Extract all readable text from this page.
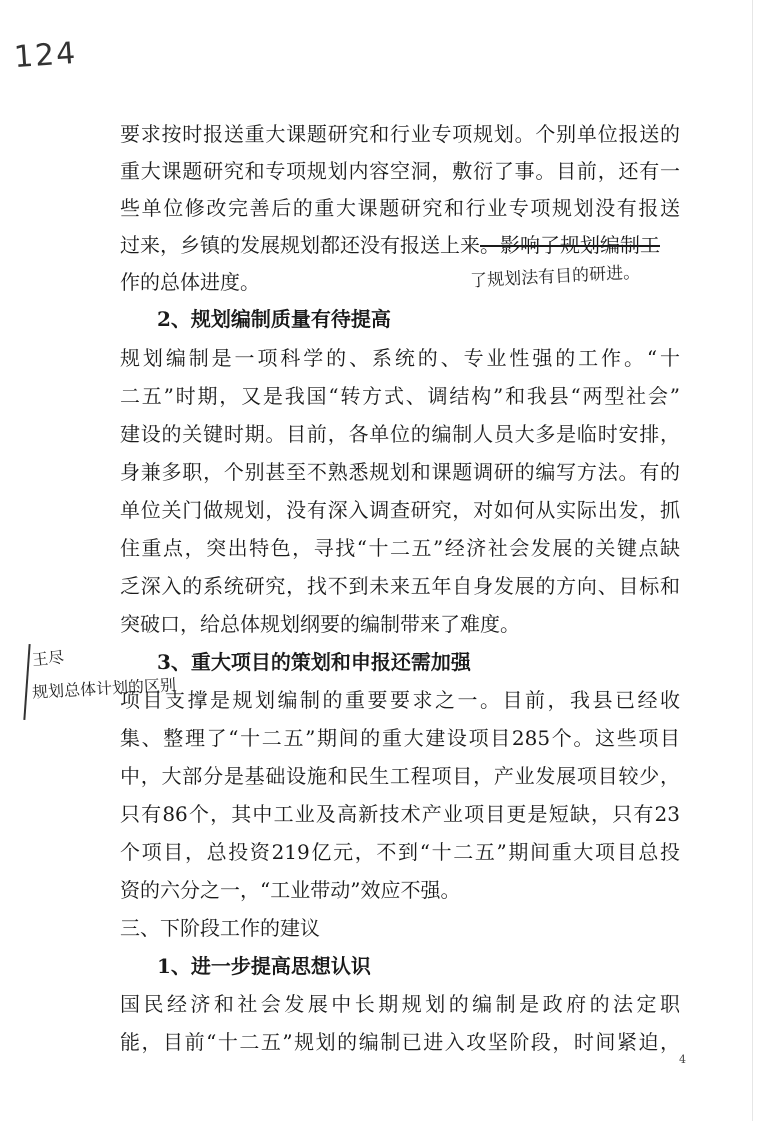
124
要求按时报送重大课题研究和行业专项规划。个别单位报送的
重大课题研究和专项规划内容空洞，敷衍了事。目前，还有一
些单位修改完善后的重大课题研究和行业专项规划没有报送
过来，乡镇的发展规划都还没有报送上来。影响了规划编制工
作的总体进度。	了规划法有目的研进。
2、规划编制质量有待提高
规划编制是一项科学的、系统的、专业性强的工作。“十
二五”时期，又是我国“转方式、调结构”和我县“两型社会”
建设的关键时期。目前，各单位的编制人员大多是临时安排，
身兼多职，个别甚至不熟悉规划和课题调研的编写方法。有的
单位关门做规划，没有深入调查研究，对如何从实际出发，抓
住重点，突出特色，寻找“十二五”经济社会发展的关键点缺
乏深入的系统研究，找不到未来五年自身发展的方向、目标和
突破口，给总体规划纲要的编制带来了难度。
3、重大项目的策划和申报还需加强
王尽
规划总体计划的区别
项目支撑是规划编制的重要要求之一。目前，我县已经收
集、整理了“十二五”期间的重大建设项目285个。这些项目
中，大部分是基础设施和民生工程项目，产业发展项目较少，
只有86个，其中工业及高新技术产业项目更是短缺，只有23
个项目，总投资219亿元，不到“十二五”期间重大项目总投
资的六分之一，“工业带动”效应不强。
三、下阶段工作的建议
1、进一步提高思想认识
国民经济和社会发展中长期规划的编制是政府的法定职
能，目前“十二五”规划的编制已进入攻坚阶段，时间紧迫，
4
